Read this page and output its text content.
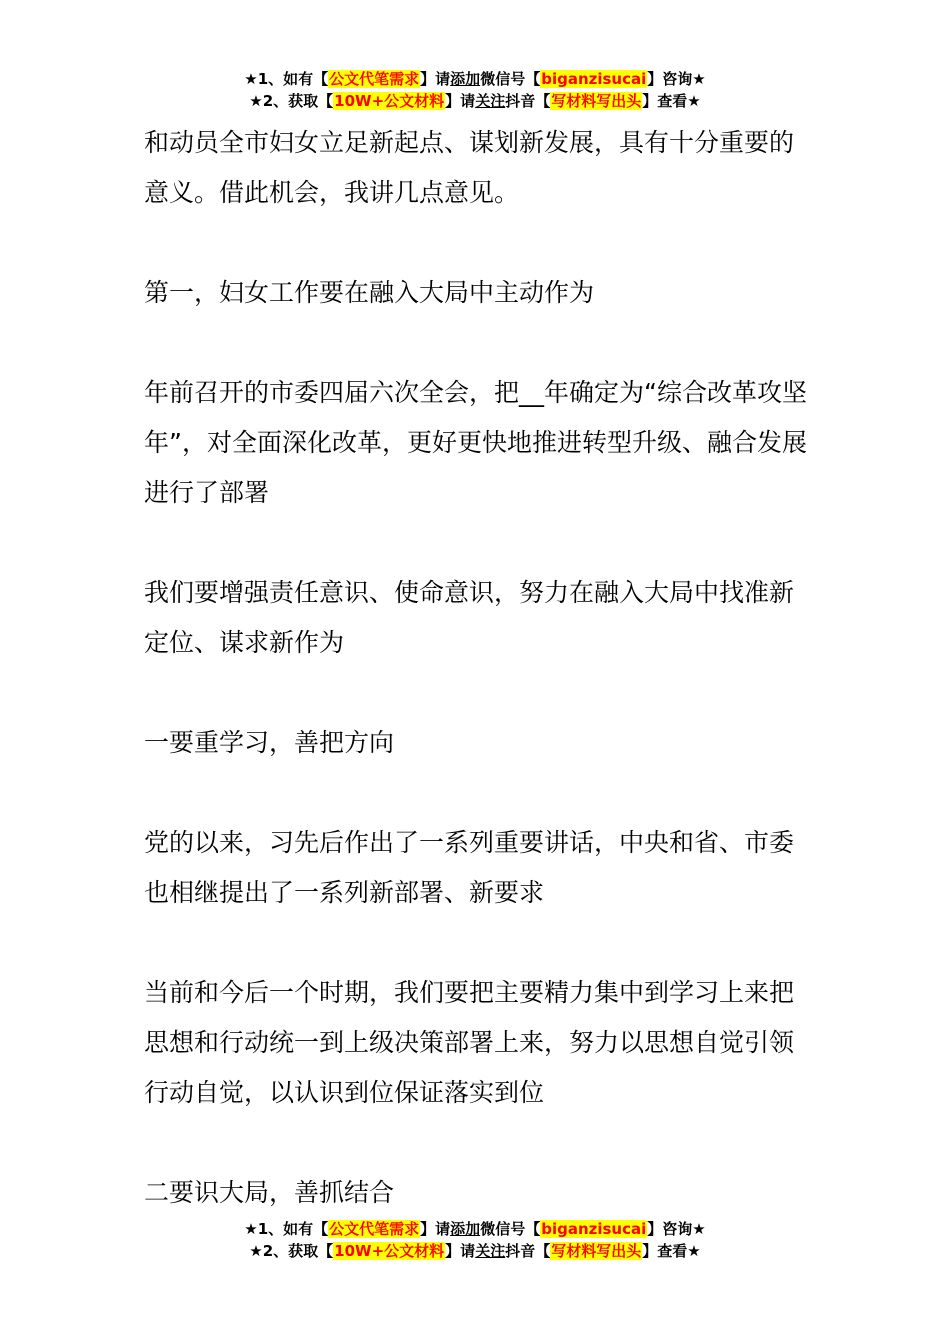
★1、如有【公文代笔需求】请添加微信号【biganzisucai】咨询★
★2、获取【10W+公文材料】请关注抖音【写材料写出头】查看★

和动员全市妇女立足新起点、谋划新发展，具有十分重要的意义。借此机会，我讲几点意见。

第一，妇女工作要在融入大局中主动作为

年前召开的市委四届六次全会，把__年确定为“综合改革攻坚年”，对全面深化改革，更好更快地推进转型升级、融合发展进行了部署

我们要增强责任意识、使命意识，努力在融入大局中找准新定位、谋求新作为

一要重学习，善把方向

党的以来，习先后作出了一系列重要讲话，中央和省、市委也相继提出了一系列新部署、新要求

当前和今后一个时期，我们要把主要精力集中到学习上来把思想和行动统一到上级决策部署上来，努力以思想自觉引领行动自觉，以认识到位保证落实到位

二要识大局，善抓结合

★1、如有【公文代笔需求】请添加微信号【biganzisucai】咨询★
★2、获取【10W+公文材料】请关注抖音【写材料写出头】查看★
